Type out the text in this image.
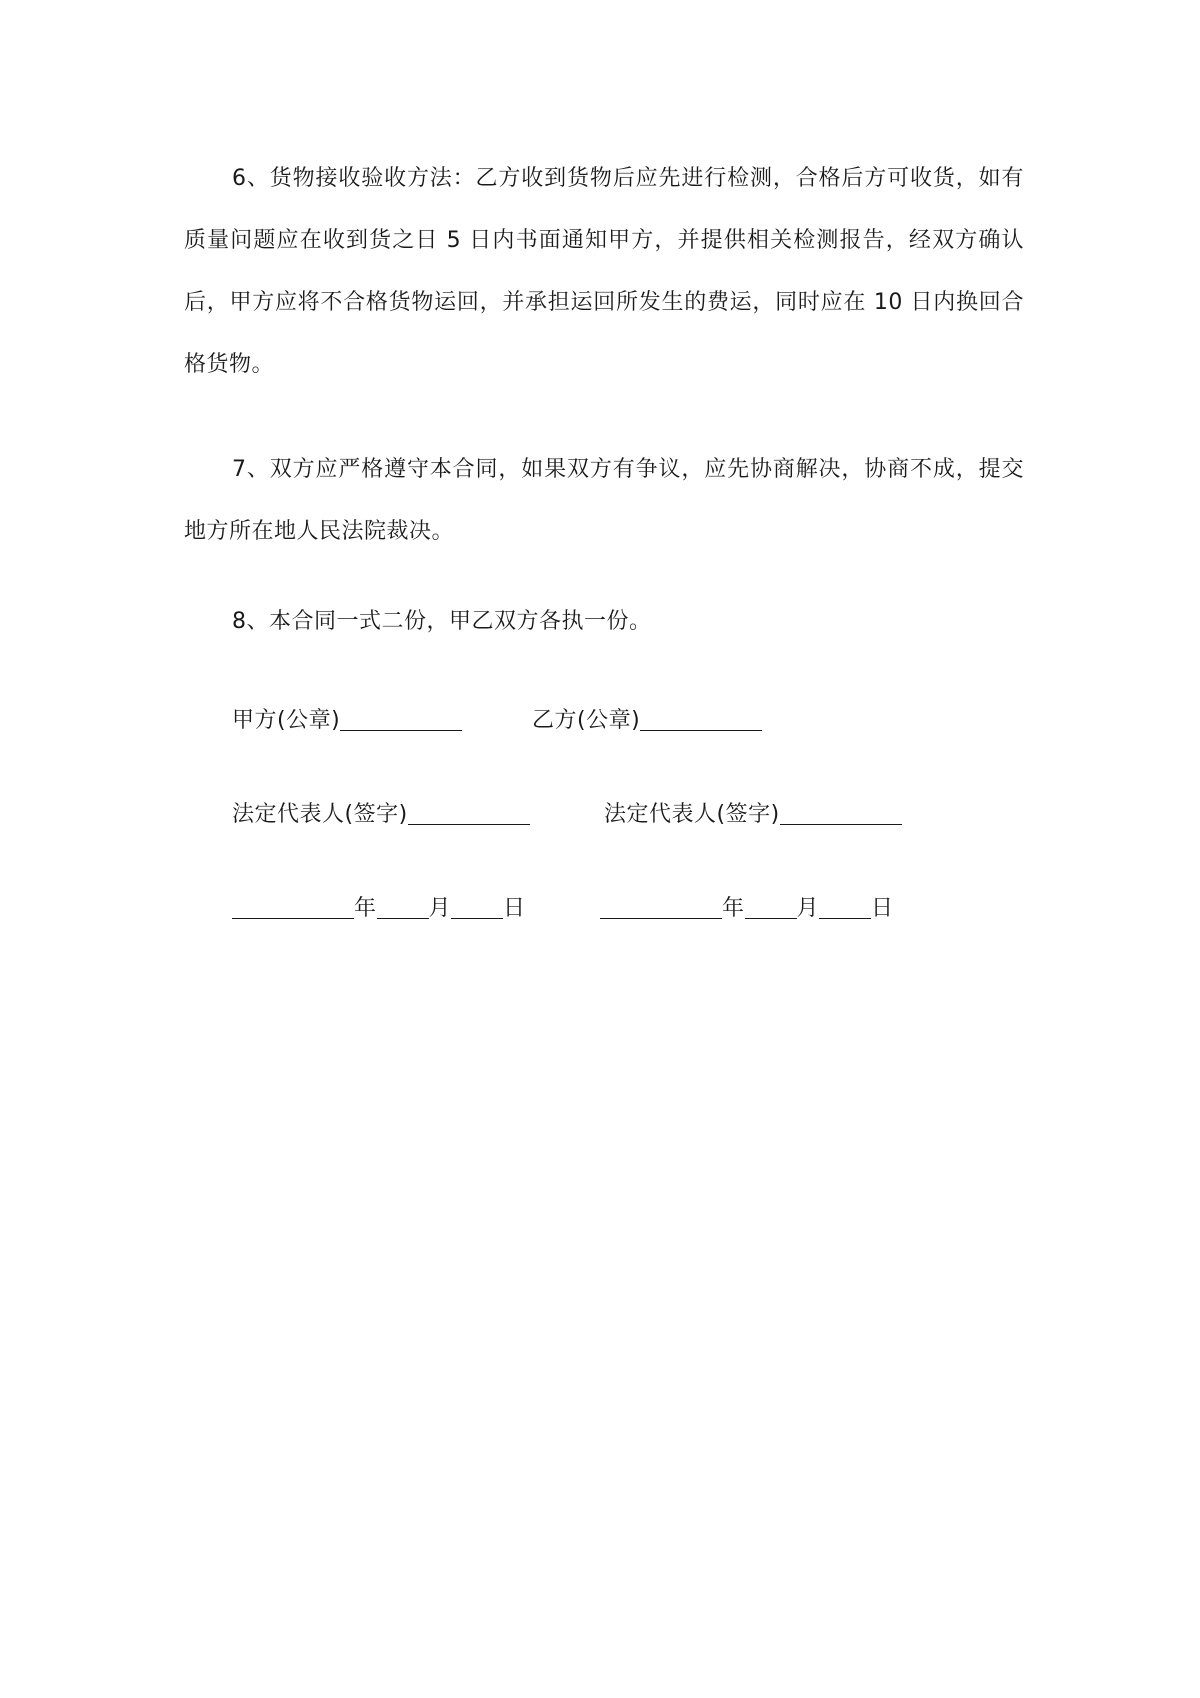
6、货物接收验收方法：乙方收到货物后应先进行检测，合格后方可收货，如有质量问题应在收到货之日 5 日内书面通知甲方，并提供相关检测报告，经双方确认后，甲方应将不合格货物运回，并承担运回所发生的费运，同时应在 10 日内换回合格货物。

7、双方应严格遵守本合同，如果双方有争议，应先协商解决，协商不成，提交地方所在地人民法院裁决。

8、本合同一式二份，甲乙双方各执一份。

甲方(公章)	乙方(公章)
法定代表人(签字)	法定代表人(签字)
年 月 日	年 月 日
